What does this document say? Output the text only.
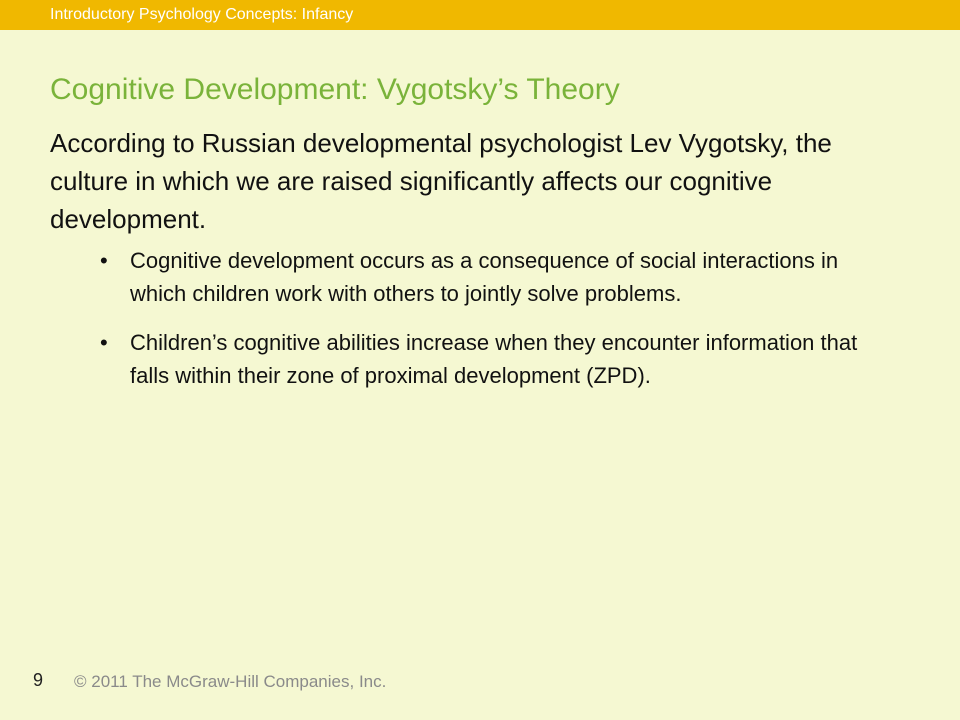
Introductory Psychology Concepts: Infancy
Cognitive Development: Vygotsky’s Theory

According to Russian developmental psychologist Lev Vygotsky, the culture in which we are raised significantly affects our cognitive development.

• Cognitive development occurs as a consequence of social interactions in which children work with others to jointly solve problems.
• Children’s cognitive abilities increase when they encounter information that falls within their zone of proximal development (ZPD).
9 © 2011 The McGraw-Hill Companies, Inc.
